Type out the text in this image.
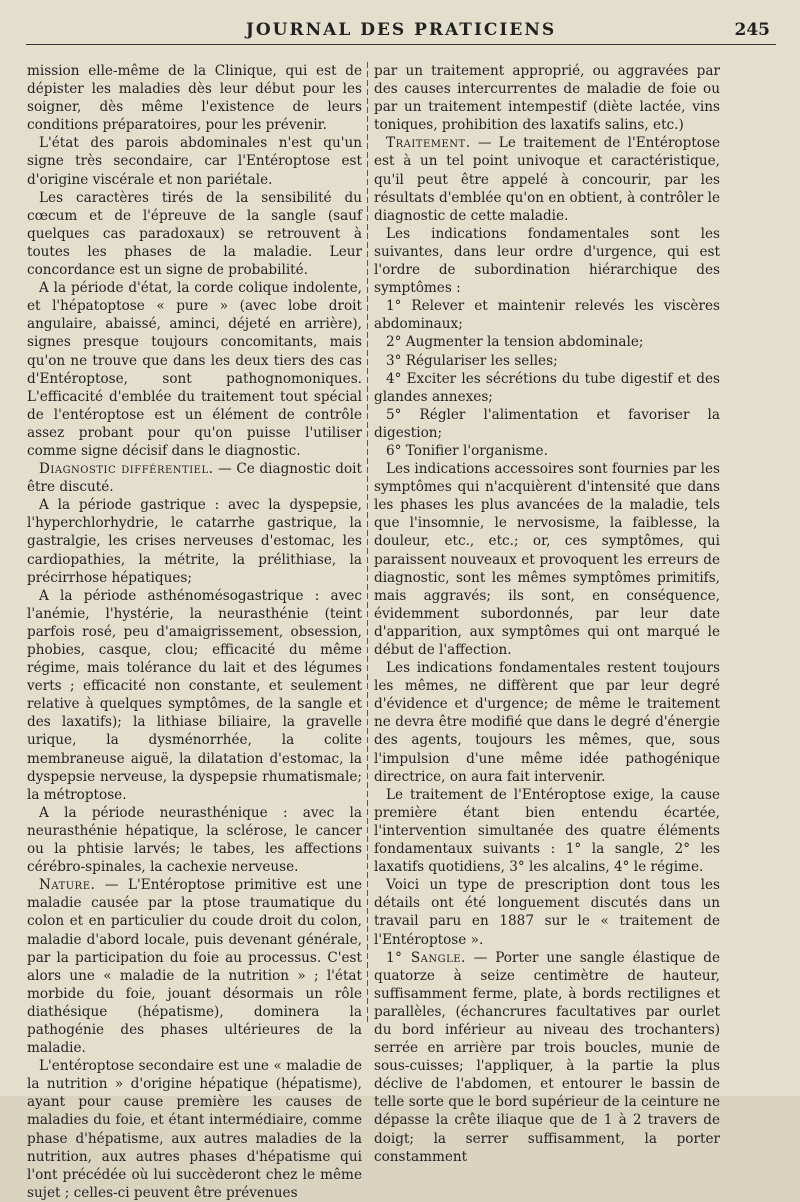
JOURNAL DES PRATICIENS	245

mission elle-même de la Clinique, qui est de dépister les maladies dès leur début pour les soigner, dès même l'existence de leurs conditions préparatoires, pour les prévenir.

L'état des parois abdominales n'est qu'un signe très secondaire, car l'Entéroptose est d'origine viscérale et non pariétale.

Les caractères tirés de la sensibilité du cœcum et de l'épreuve de la sangle (sauf quelques cas paradoxaux) se retrouvent à toutes les phases de la maladie. Leur concordance est un signe de probabilité.

A la période d'état, la corde colique indolente, et l'hépatoptose « pure » (avec lobe droit angulaire, abaissé, aminci, déjeté en arrière), signes presque toujours concomitants, mais qu'on ne trouve que dans les deux tiers des cas d'Entéroptose, sont pathognomoniques. L'efficacité d'emblée du traitement tout spécial de l'entéroptose est un élément de contrôle assez probant pour qu'on puisse l'utiliser comme signe décisif dans le diagnostic.

Diagnostic différentiel. — Ce diagnostic doit être discuté.

A la période gastrique : avec la dyspepsie, l'hyperchlorhydrie, le catarrhe gastrique, la gastralgie, les crises nerveuses d'estomac, les cardiopathies, la métrite, la prélithiase, la précirrhose hépatiques;

A la période asthénomésogastrique : avec l'anémie, l'hystérie, la neurasthénie (teint parfois rosé, peu d'amaigrissement, obsession, phobies, casque, clou; efficacité du même régime, mais tolérance du lait et des légumes verts ; efficacité non constante, et seulement relative à quelques symptômes, de la sangle et des laxatifs); la lithiase biliaire, la gravelle urique, la dysménorrhée, la colite membraneuse aiguë, la dilatation d'estomac, la dyspepsie nerveuse, la dyspepsie rhumatismale; la métroptose.

A la période neurasthénique : avec la neurasthénie hépatique, la sclérose, le cancer ou la phtisie larvés; le tabes, les affections cérébro-spinales, la cachexie nerveuse.

Nature. — L'Entéroptose primitive est une maladie causée par la ptose traumatique du colon et en particulier du coude droit du colon, maladie d'abord locale, puis devenant générale, par la participation du foie au processus. C'est alors une « maladie de la nutrition » ; l'état morbide du foie, jouant désormais un rôle diathésique (hépatisme), dominera la pathogénie des phases ultérieures de la maladie.

L'entéroptose secondaire est une « maladie de la nutrition » d'origine hépatique (hépatisme), ayant pour cause première les causes de maladies du foie, et étant intermédiaire, comme phase d'hépatisme, aux autres maladies de la nutrition, aux autres phases d'hépatisme qui l'ont précédée où lui succèderont chez le même sujet ; celles-ci peuvent être prévenues

par un traitement approprié, ou aggravées par des causes intercurrentes de maladie de foie ou par un traitement intempestif (diète lactée, vins toniques, prohibition des laxatifs salins, etc.)

Traitement. — Le traitement de l'Entéroptose est à un tel point univoque et caractéristique, qu'il peut être appelé à concourir, par les résultats d'emblée qu'on en obtient, à contrôler le diagnostic de cette maladie.

Les indications fondamentales sont les suivantes, dans leur ordre d'urgence, qui est l'ordre de subordination hiérarchique des symptômes :

1° Relever et maintenir relevés les viscères abdominaux;

2° Augmenter la tension abdominale;

3° Régulariser les selles;

4° Exciter les sécrétions du tube digestif et des glandes annexes;

5° Régler l'alimentation et favoriser la digestion;

6° Tonifier l'organisme.

Les indications accessoires sont fournies par les symptômes qui n'acquièrent d'intensité que dans les phases les plus avancées de la maladie, tels que l'insomnie, le nervosisme, la faiblesse, la douleur, etc., etc.; or, ces symptômes, qui paraissent nouveaux et provoquent les erreurs de diagnostic, sont les mêmes symptômes primitifs, mais aggravés; ils sont, en conséquence, évidemment subordonnés, par leur date d'apparition, aux symptômes qui ont marqué le début de l'affection.

Les indications fondamentales restent toujours les mêmes, ne diffèrent que par leur degré d'évidence et d'urgence; de même le traitement ne devra être modifié que dans le degré d'énergie des agents, toujours les mêmes, que, sous l'impulsion d'une même idée pathogénique directrice, on aura fait intervenir.

Le traitement de l'Entéroptose exige, la cause première étant bien entendu écartée, l'intervention simultanée des quatre éléments fondamentaux suivants : 1° la sangle, 2° les laxatifs quotidiens, 3° les alcalins, 4° le régime.

Voici un type de prescription dont tous les détails ont été longuement discutés dans un travail paru en 1887 sur le « traitement de l'Entéroptose ».

1° Sangle. — Porter une sangle élastique de quatorze à seize centimètre de hauteur, suffisamment ferme, plate, à bords rectilignes et parallèles, (échancrures facultatives par ourlet du bord inférieur au niveau des trochanters) serrée en arrière par trois boucles, munie de sous-cuisses; l'appliquer, à la partie la plus déclive de l'abdomen, et entourer le bassin de telle sorte que le bord supérieur de la ceinture ne dépasse la crête iliaque que de 1 à 2 travers de doigt; la serrer suffisamment, la porter constamment
